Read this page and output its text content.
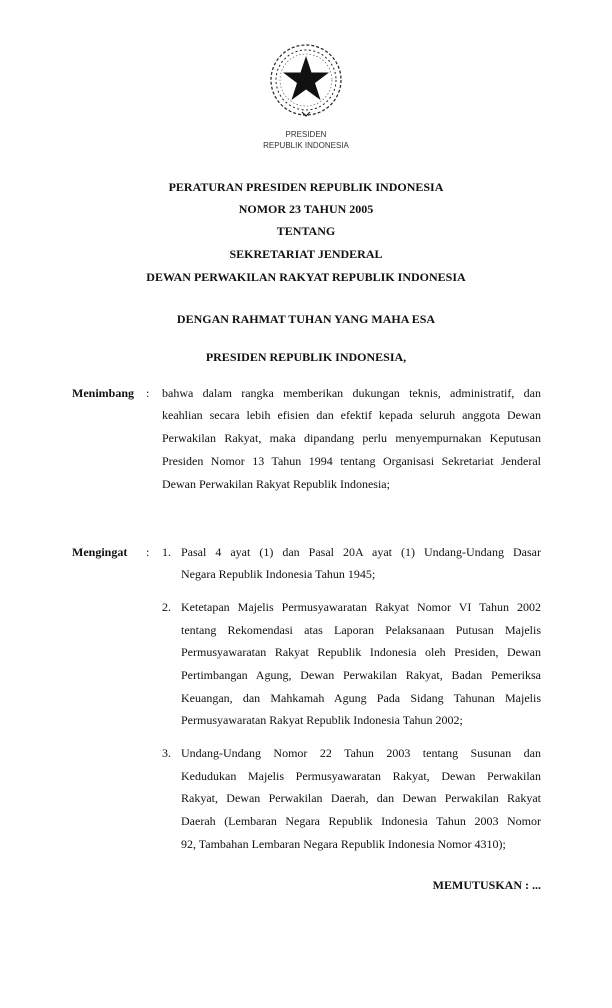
PRESIDEN
REPUBLIK INDONESIA
PERATURAN PRESIDEN REPUBLIK INDONESIA
NOMOR 23 TAHUN 2005
TENTANG
SEKRETARIAT JENDERAL
DEWAN PERWAKILAN RAKYAT REPUBLIK INDONESIA
DENGAN RAHMAT TUHAN YANG MAHA ESA
PRESIDEN REPUBLIK INDONESIA,
Menimbang : bahwa dalam rangka memberikan dukungan teknis, administratif, dan
keahlian secara lebih efisien dan efektif kepada seluruh anggota Dewan
Perwakilan Rakyat, maka dipandang perlu menyempurnakan Keputusan
Presiden Nomor 13 Tahun 1994 tentang Organisasi Sekretariat Jenderal
Dewan Perwakilan Rakyat Republik Indonesia;
Mengingat : 1. Pasal 4 ayat (1) dan Pasal 20A ayat (1) Undang-Undang Dasar
Negara Republik Indonesia Tahun 1945;
2. Ketetapan Majelis Permusyawaratan Rakyat Nomor VI Tahun 2002
tentang Rekomendasi atas Laporan Pelaksanaan Putusan Majelis
Permusyawaratan Rakyat Republik Indonesia oleh Presiden, Dewan
Pertimbangan Agung, Dewan Perwakilan Rakyat, Badan Pemeriksa
Keuangan, dan Mahkamah Agung Pada Sidang Tahunan Majelis
Permusyawaratan Rakyat Republik Indonesia Tahun 2002;
3. Undang-Undang Nomor 22 Tahun 2003 tentang Susunan dan
Kedudukan Majelis Permusyawaratan Rakyat, Dewan Perwakilan
Rakyat, Dewan Perwakilan Daerah, dan Dewan Perwakilan Rakyat
Daerah (Lembaran Negara Republik Indonesia Tahun 2003 Nomor
92, Tambahan Lembaran Negara Republik Indonesia Nomor 4310);
MEMUTUSKAN : ...
